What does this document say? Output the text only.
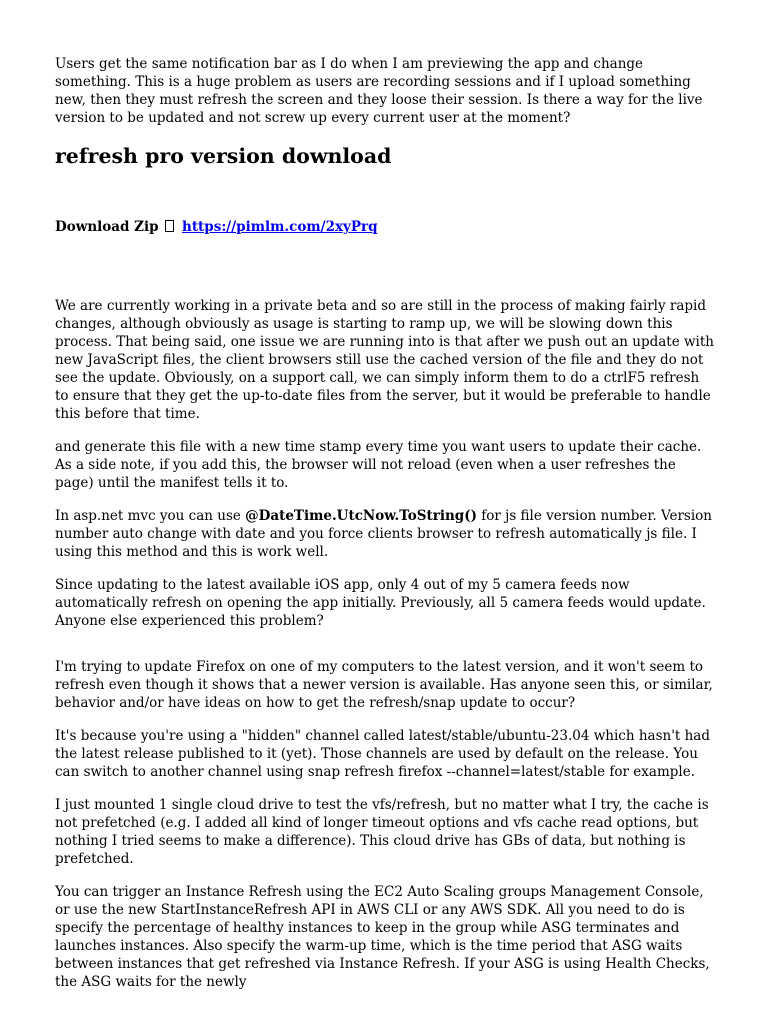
Users get the same notification bar as I do when I am previewing the app and change something. This is a huge problem as users are recording sessions and if I upload something new, then they must refresh the screen and they loose their session. Is there a way for the live version to be updated and not screw up every current user at the moment?

refresh pro version download

Download Zip https://pimlm.com/2xyPrq

We are currently working in a private beta and so are still in the process of making fairly rapid changes, although obviously as usage is starting to ramp up, we will be slowing down this process. That being said, one issue we are running into is that after we push out an update with new JavaScript files, the client browsers still use the cached version of the file and they do not see the update. Obviously, on a support call, we can simply inform them to do a ctrlF5 refresh to ensure that they get the up-to-date files from the server, but it would be preferable to handle this before that time.

and generate this file with a new time stamp every time you want users to update their cache. As a side note, if you add this, the browser will not reload (even when a user refreshes the page) until the manifest tells it to.

In asp.net mvc you can use @DateTime.UtcNow.ToString() for js file version number. Version number auto change with date and you force clients browser to refresh automatically js file. I using this method and this is work well.

Since updating to the latest available iOS app, only 4 out of my 5 camera feeds now automatically refresh on opening the app initially. Previously, all 5 camera feeds would update. Anyone else experienced this problem?

I'm trying to update Firefox on one of my computers to the latest version, and it won't seem to refresh even though it shows that a newer version is available. Has anyone seen this, or similar, behavior and/or have ideas on how to get the refresh/snap update to occur?

It's because you're using a "hidden" channel called latest/stable/ubuntu-23.04 which hasn't had the latest release published to it (yet). Those channels are used by default on the release. You can switch to another channel using snap refresh firefox --channel=latest/stable for example.

I just mounted 1 single cloud drive to test the vfs/refresh, but no matter what I try, the cache is not prefetched (e.g. I added all kind of longer timeout options and vfs cache read options, but nothing I tried seems to make a difference). This cloud drive has GBs of data, but nothing is prefetched.

You can trigger an Instance Refresh using the EC2 Auto Scaling groups Management Console, or use the new StartInstanceRefresh API in AWS CLI or any AWS SDK. All you need to do is specify the percentage of healthy instances to keep in the group while ASG terminates and launches instances. Also specify the warm-up time, which is the time period that ASG waits between instances that get refreshed via Instance Refresh. If your ASG is using Health Checks, the ASG waits for the newly
